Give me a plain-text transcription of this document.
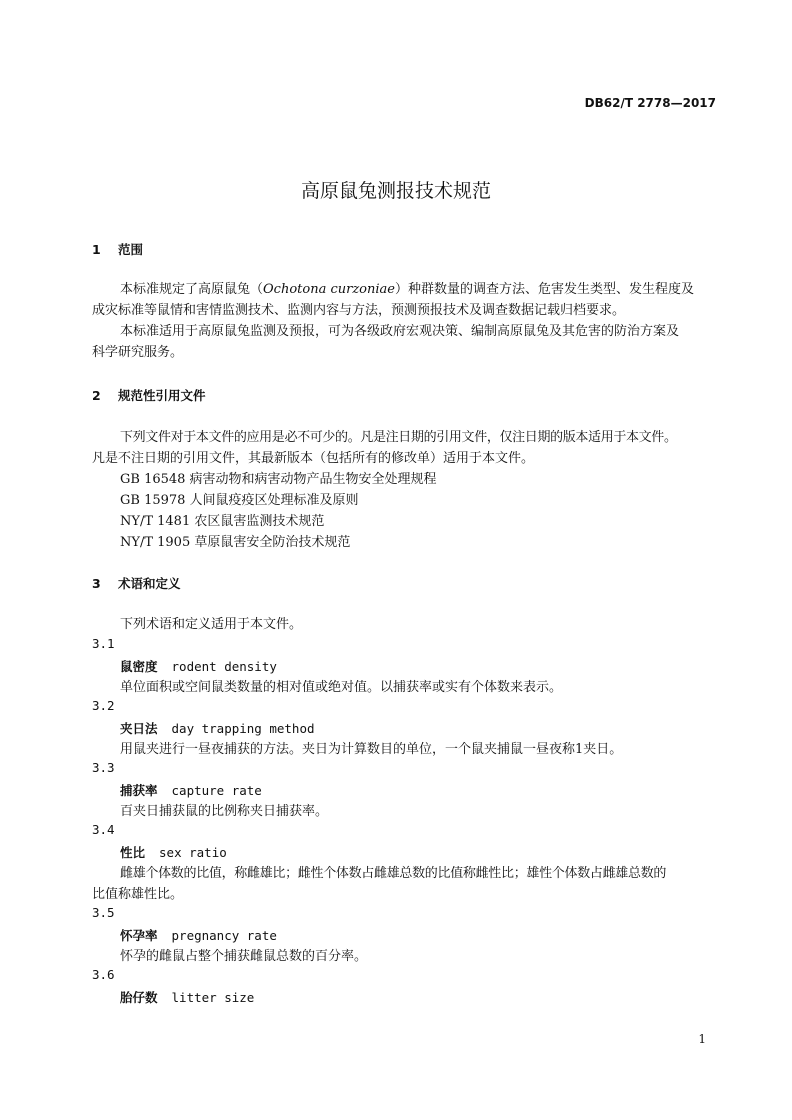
DB62/T 2778—2017
高原鼠兔测报技术规范
1 范围
本标准规定了高原鼠兔（Ochotona curzoniae）种群数量的调查方法、危害发生类型、发生程度及
成灾标准等鼠情和害情监测技术、监测内容与方法，预测预报技术及调查数据记载归档要求。
本标准适用于高原鼠兔监测及预报，可为各级政府宏观决策、编制高原鼠兔及其危害的防治方案及
科学研究服务。
2 规范性引用文件
下列文件对于本文件的应用是必不可少的。凡是注日期的引用文件，仅注日期的版本适用于本文件。
凡是不注日期的引用文件，其最新版本（包括所有的修改单）适用于本文件。
GB 16548 病害动物和病害动物产品生物安全处理规程
GB 15978 人间鼠疫疫区处理标准及原则
NY/T 1481 农区鼠害监测技术规范
NY/T 1905 草原鼠害安全防治技术规范
3 术语和定义
下列术语和定义适用于本文件。
3.1
鼠密度 rodent density
单位面积或空间鼠类数量的相对值或绝对值。以捕获率或实有个体数来表示。
3.2
夹日法 day trapping method
用鼠夹进行一昼夜捕获的方法。夹日为计算数目的单位，一个鼠夹捕鼠一昼夜称1夹日。
3.3
捕获率 capture rate
百夹日捕获鼠的比例称夹日捕获率。
3.4
性比 sex ratio
雌雄个体数的比值，称雌雄比；雌性个体数占雌雄总数的比值称雌性比；雄性个体数占雌雄总数的
比值称雄性比。
3.5
怀孕率 pregnancy rate
怀孕的雌鼠占整个捕获雌鼠总数的百分率。
3.6
胎仔数 litter size
1
